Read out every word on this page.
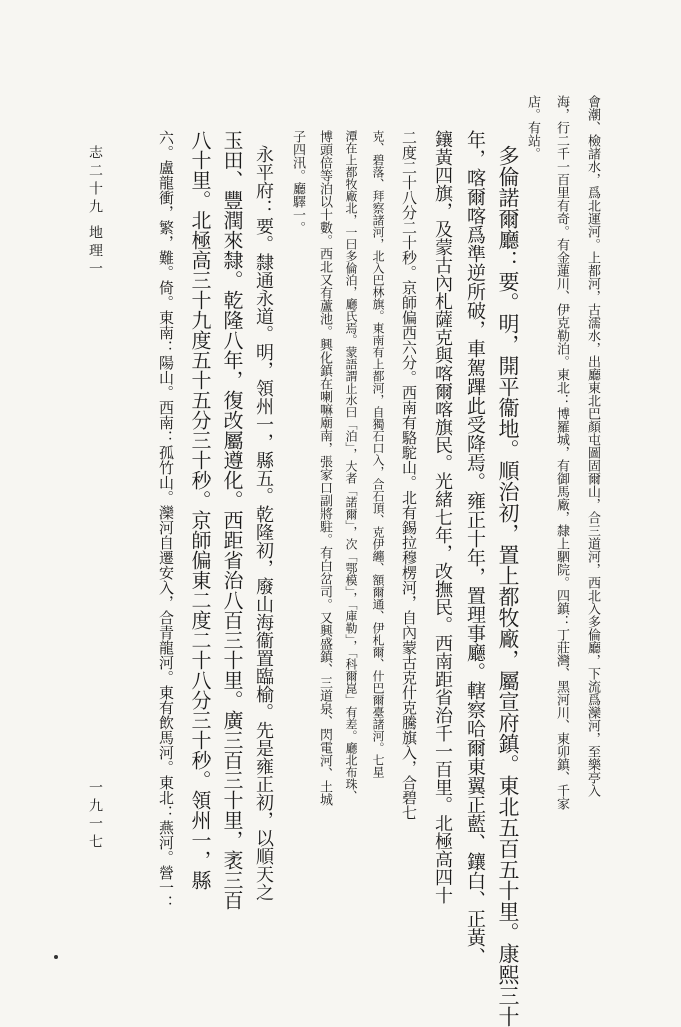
會潮、檢諸水，爲北運河。上都河，古濡水，出廳東北巴顏屯圖固爾山，合三道河，西北入多倫廳，下流爲灤河，至樂亭入
海，行二千一百里有奇。有金蓮川、伊克勒泊。東北：博羅城，有御馬廠，隸上駟院。四鎮：丁莊灣、黑河川、東卯鎮、千家
店。有站。
多倫諾爾廳：要。明，開平衞地。順治初，置上都牧廠，屬宣府鎮。東北五百五十里。康熙三十
年，喀爾喀爲準逆所破，車駕蹕此受降焉。雍正十年，置理事廳。轄察哈爾東翼正藍、鑲白、正黃、
鑲黃四旗，及蒙古內札薩克與喀爾喀旗民。光緒七年，改撫民。西南距省治千一百里。北極高四十
二度二十八分二十秒。京師偏西六分。西南有駱駝山。北有錫拉穆楞河，自內蒙古克什克騰旗入，合碧七
克、碧落、拜察諸河，北入巴林旗。東南有上都河，自獨石口入，合石頂、克伊纏、額爾通、伊札爾、什巴爾臺諸河。七星
潭在上都牧廠北，一曰多倫泊，廳氏焉。蒙語謂止水曰「泊」，大者「諾爾」，次「鄂模」，「庫勒」，「科爾崑」有差。廳北布珠、
博頭倍等泊以十數。西北又有蘆池。興化鎮在喇嘛廟南，張家口副將駐。有白岔司。又興盛鎮、三道泉、閃電河、土城
子四汛。廳驛一。
永平府：要。隸通永道。明，領州一，縣五。乾隆初，廢山海衞置臨榆。先是雍正初，以順天之
玉田、豐潤來隸。乾隆八年，復改屬遵化。西距省治八百三十里。廣三百三十里，袤三百
八十里。北極高三十九度五十五分三十秒。京師偏東二度二十八分三十秒。領州一，縣
六。盧龍衝，繁，難。倚。東南：陽山。西南：孤竹山。灤河自遷安入，合青龍河。東有飲馬河。東北：燕河。營一：
志二十九
地理一
一九一七
